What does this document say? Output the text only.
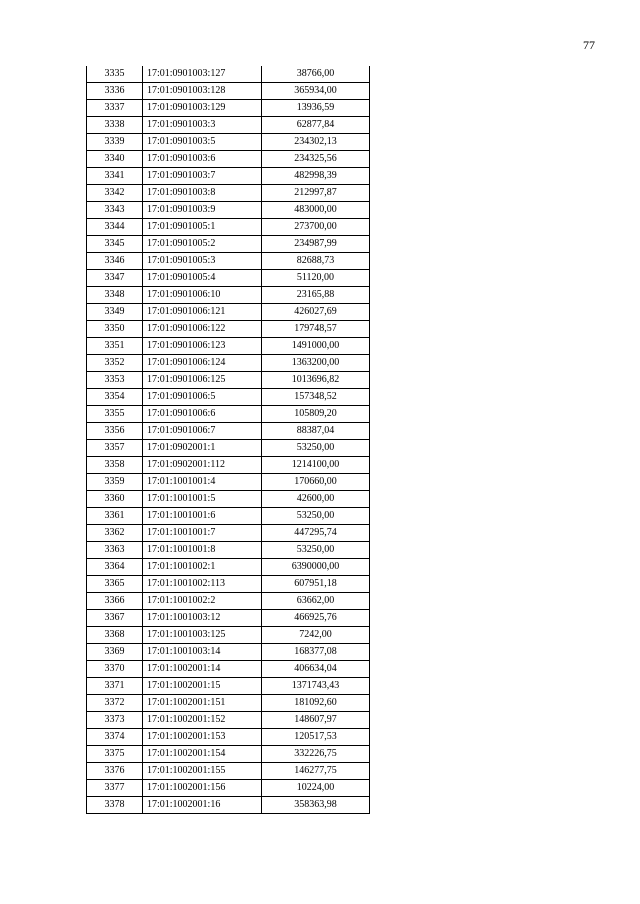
77
3335	17:01:0901003:127	38766,00
3336	17:01:0901003:128	365934,00
3337	17:01:0901003:129	13936,59
3338	17:01:0901003:3	62877,84
3339	17:01:0901003:5	234302,13
3340	17:01:0901003:6	234325,56
3341	17:01:0901003:7	482998,39
3342	17:01:0901003:8	212997,87
3343	17:01:0901003:9	483000,00
3344	17:01:0901005:1	273700,00
3345	17:01:0901005:2	234987,99
3346	17:01:0901005:3	82688,73
3347	17:01:0901005:4	51120,00
3348	17:01:0901006:10	23165,88
3349	17:01:0901006:121	426027,69
3350	17:01:0901006:122	179748,57
3351	17:01:0901006:123	1491000,00
3352	17:01:0901006:124	1363200,00
3353	17:01:0901006:125	1013696,82
3354	17:01:0901006:5	157348,52
3355	17:01:0901006:6	105809,20
3356	17:01:0901006:7	88387,04
3357	17:01:0902001:1	53250,00
3358	17:01:0902001:112	1214100,00
3359	17:01:1001001:4	170660,00
3360	17:01:1001001:5	42600,00
3361	17:01:1001001:6	53250,00
3362	17:01:1001001:7	447295,74
3363	17:01:1001001:8	53250,00
3364	17:01:1001002:1	6390000,00
3365	17:01:1001002:113	607951,18
3366	17:01:1001002:2	63662,00
3367	17:01:1001003:12	466925,76
3368	17:01:1001003:125	7242,00
3369	17:01:1001003:14	168377,08
3370	17:01:1002001:14	406634,04
3371	17:01:1002001:15	1371743,43
3372	17:01:1002001:151	181092,60
3373	17:01:1002001:152	148607,97
3374	17:01:1002001:153	120517,53
3375	17:01:1002001:154	332226,75
3376	17:01:1002001:155	146277,75
3377	17:01:1002001:156	10224,00
3378	17:01:1002001:16	358363,98
